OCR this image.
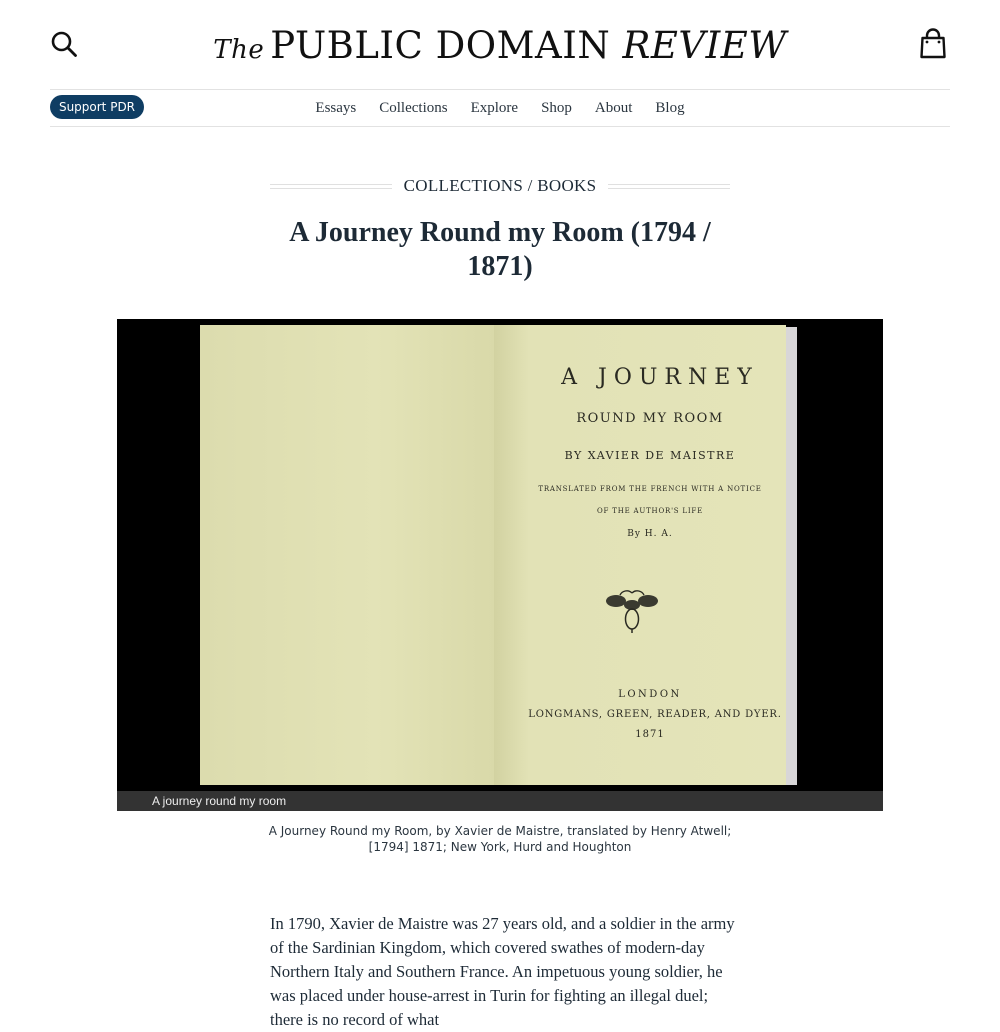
The PUBLIC DOMAIN REVIEW
Support PDR	Essays Collections Explore Shop About Blog
COLLECTIONS / BOOKS
A Journey Round my Room (1794 / 1871)
A JOURNEY
ROUND MY ROOM
BY XAVIER DE MAISTRE
TRANSLATED FROM THE FRENCH WITH A NOTICE
OF THE AUTHOR'S LIFE
By H. A.
LONDON
LONGMANS, GREEN, READER, AND DYER.
1871
A journey round my room
A Journey Round my Room, by Xavier de Maistre, translated by Henry Atwell; [1794] 1871; New York, Hurd and Houghton

In 1790, Xavier de Maistre was 27 years old, and a soldier in the army of the Sardinian Kingdom, which covered swathes of modern-day Northern Italy and Southern France. An impetuous young soldier, he was placed under house-arrest in Turin for fighting an illegal duel; there is no record of what
